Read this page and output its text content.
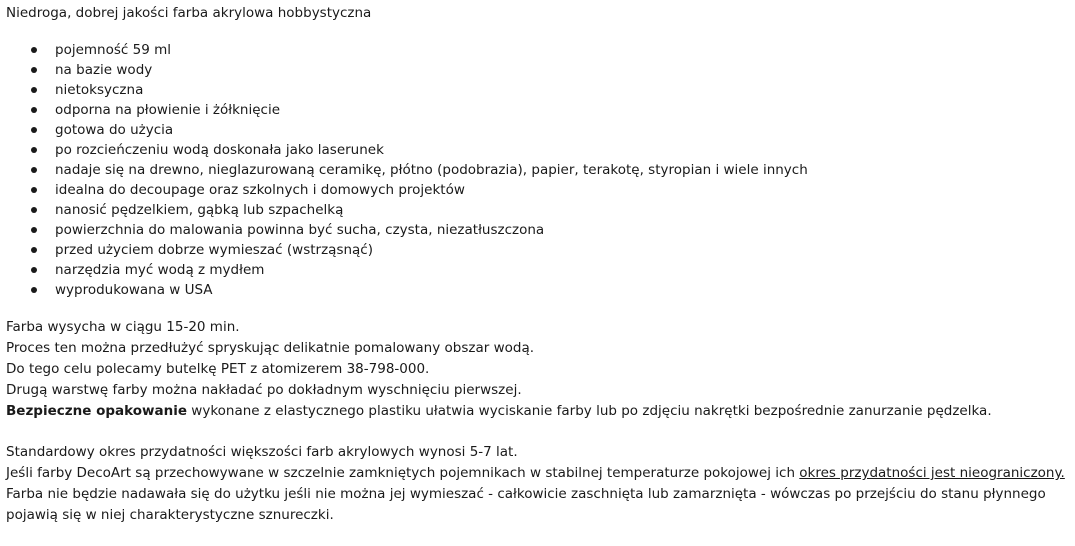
Niedroga, dobrej jakości farba akrylowa hobbystyczna
pojemność 59 ml
na bazie wody
nietoksyczna
odporna na płowienie i żółknięcie
gotowa do użycia
po rozcieńczeniu wodą doskonała jako laserunek
nadaje się na drewno, nieglazurowaną ceramikę, płótno (podobrazia), papier, terakotę, styropian i wiele innych
idealna do decoupage oraz szkolnych i domowych projektów
nanosić pędzelkiem, gąbką lub szpachelką
powierzchnia do malowania powinna być sucha, czysta, niezatłuszczona
przed użyciem dobrze wymieszać (wstrząsnąć)
narzędzia myć wodą z mydłem
wyprodukowana w USA
Farba wysycha w ciągu 15-20 min.
Proces ten można przedłużyć spryskując delikatnie pomalowany obszar wodą.
Do tego celu polecamy butelkę PET z atomizerem 38-798-000.
Drugą warstwę farby można nakładać po dokładnym wyschnięciu pierwszej.
Bezpieczne opakowanie wykonane z elastycznego plastiku ułatwia wyciskanie farby lub po zdjęciu nakrętki bezpośrednie zanurzanie pędzelka.
Standardowy okres przydatności większości farb akrylowych wynosi 5-7 lat.
Jeśli farby DecoArt są przechowywane w szczelnie zamkniętych pojemnikach w stabilnej temperaturze pokojowej ich okres przydatności jest nieograniczony.
Farba nie będzie nadawała się do użytku jeśli nie można jej wymieszać - całkowicie zaschnięta lub zamarznięta - wówczas po przejściu do stanu płynnego pojawią się w niej charakterystyczne sznureczki.
